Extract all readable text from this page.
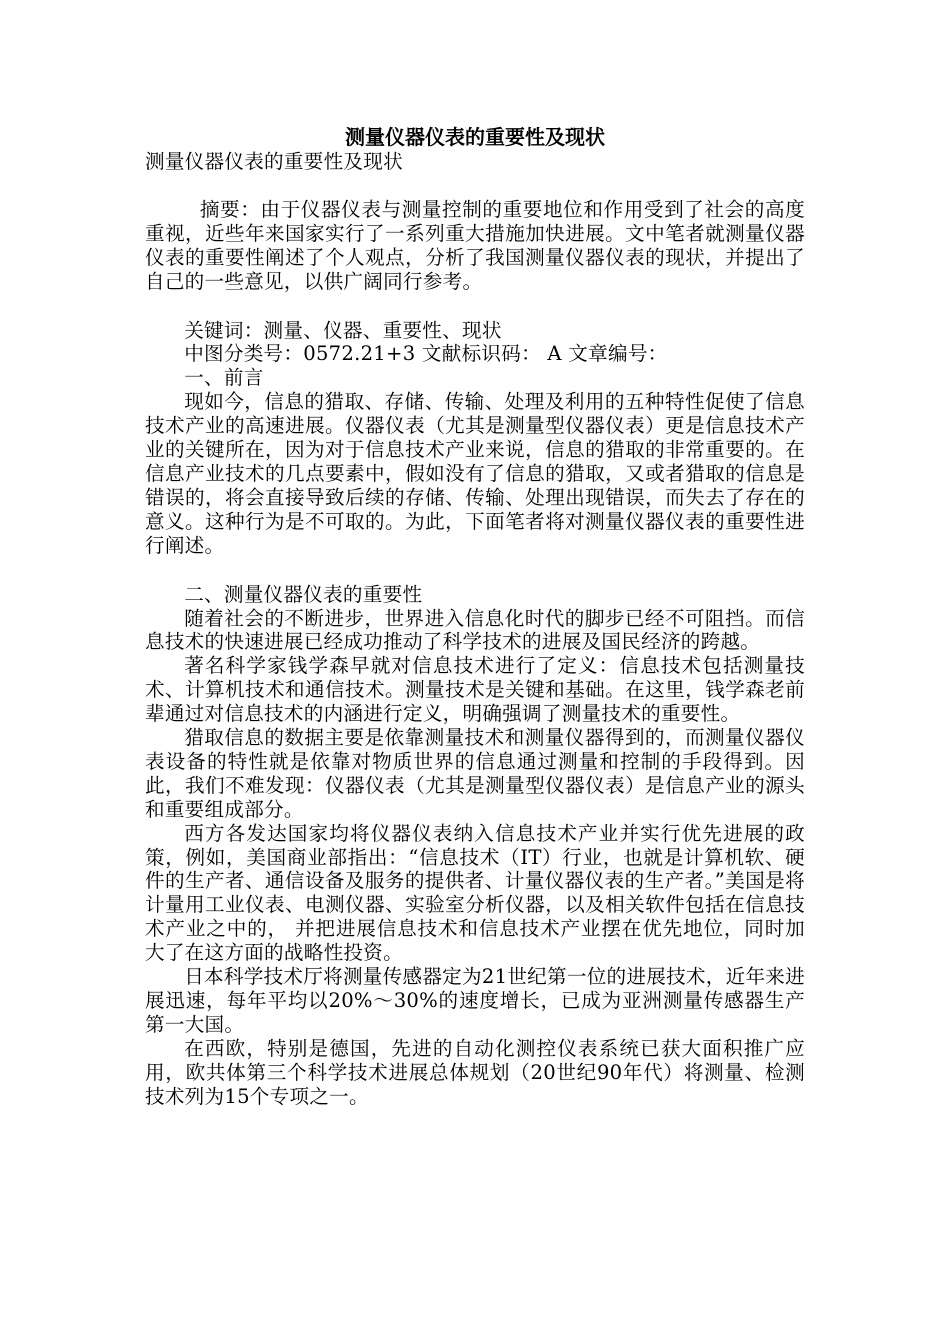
测量仪器仪表的重要性及现状

测量仪器仪表的重要性及现状

摘要：由于仪器仪表与测量控制的重要地位和作用受到了社会的高度重视，近些年来国家实行了一系列重大措施加快进展。文中笔者就测量仪器仪表的重要性阐述了个人观点，分析了我国测量仪器仪表的现状，并提出了自己的一些意见，以供广阔同行参考。

关键词：测量、仪器、重要性、现状

中图分类号：0572.21+3 文献标识码： A 文章编号：

一、前言

现如今，信息的猎取、存储、传输、处理及利用的五种特性促使了信息技术产业的高速进展。仪器仪表（尤其是测量型仪器仪表）更是信息技术产业的关键所在，因为对于信息技术产业来说，信息的猎取的非常重要的。在信息产业技术的几点要素中，假如没有了信息的猎取，又或者猎取的信息是错误的，将会直接导致后续的存储、传输、处理出现错误，而失去了存在的意义。这种行为是不可取的。为此，下面笔者将对测量仪器仪表的重要性进行阐述。

二、测量仪器仪表的重要性

随着社会的不断进步，世界进入信息化时代的脚步已经不可阻挡。而信息技术的快速进展已经成功推动了科学技术的进展及国民经济的跨越。

著名科学家钱学森早就对信息技术进行了定义：信息技术包括测量技术、计算机技术和通信技术。测量技术是关键和基础。在这里，钱学森老前辈通过对信息技术的内涵进行定义，明确强调了测量技术的重要性。

猎取信息的数据主要是依靠测量技术和测量仪器得到的，而测量仪器仪表设备的特性就是依靠对物质世界的信息通过测量和控制的手段得到。因此，我们不难发现：仪器仪表（尤其是测量型仪器仪表）是信息产业的源头和重要组成部分。

西方各发达国家均将仪器仪表纳入信息技术产业并实行优先进展的政策，例如，美国商业部指出：“信息技术（IT）行业，也就是计算机软、硬件的生产者、通信设备及服务的提供者、计量仪器仪表的生产者。”美国是将计量用工业仪表、电测仪器、实验室分析仪器，以及相关软件包括在信息技术产业之中的， 并把进展信息技术和信息技术产业摆在优先地位，同时加大了在这方面的战略性投资。

日本科学技术厅将测量传感器定为21世纪第一位的进展技术，近年来进展迅速，每年平均以20%～30%的速度增长，已成为亚洲测量传感器生产第一大国。

在西欧，特别是德国，先进的自动化测控仪表系统已获大面积推广应用，欧共体第三个科学技术进展总体规划（20世纪90年代）将测量、检测技术列为15个专项之一。
